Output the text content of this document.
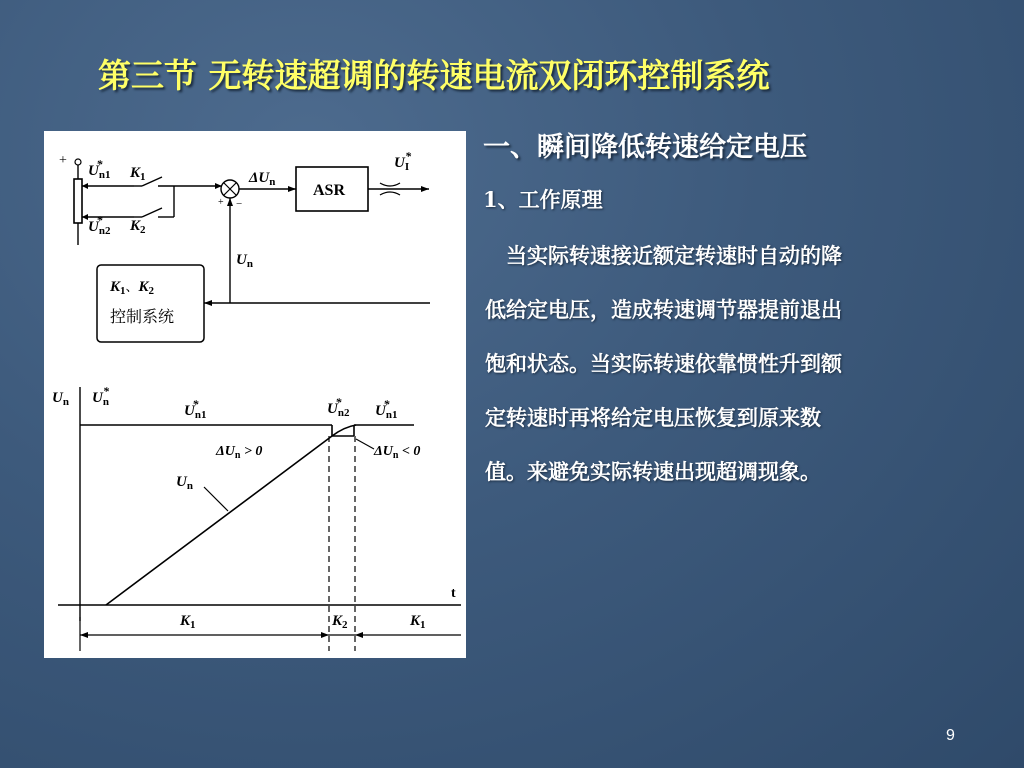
第三节 无转速超调的转速电流双闭环控制系统
+
$U_{n1}*$
$U_{n2}*$
$K_1$
$K_2$
+ −
$\Delta U_n$ ASR
$U_I*$
$U_n$
$K_1$、$K_2$
控制系统
t
$U_n$ $U_n*$
$U_{n1}*$	$U_{n2}*$
$U_{n1}*$
$U_n$
$\Delta U_n > 0$	$\Delta U_n < 0$
$K_1$	$K_2$	$K_1$
一、瞬间降低转速给定电压
1、工作原理
　当实际转速接近额定转速时自动的降
低给定电压，造成转速调节器提前退出
饱和状态。当实际转速依靠惯性升到额
定转速时再将给定电压恢复到原来数
值。来避免实际转速出现超调现象。
9
